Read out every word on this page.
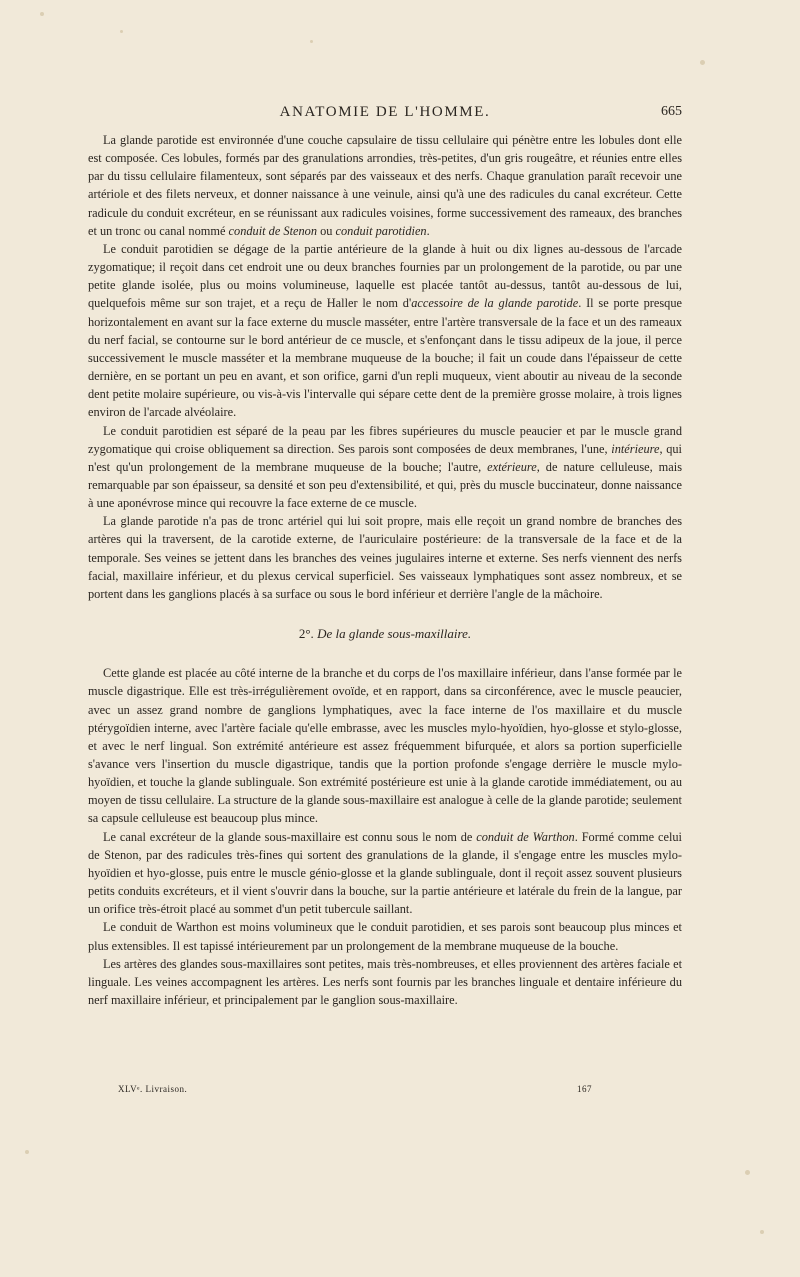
ANATOMIE DE L'HOMME.	665

La glande parotide est environnée d'une couche capsulaire de tissu cellulaire qui pénètre entre les lobules dont elle est composée. Ces lobules, formés par des granulations arrondies, très-petites, d'un gris rougeâtre, et réunies entre elles par du tissu cellulaire filamenteux, sont séparés par des vaisseaux et des nerfs. Chaque granulation paraît recevoir une artériole et des filets nerveux, et donner naissance à une veinule, ainsi qu'à une des radicules du canal excréteur. Cette radicule du conduit excréteur, en se réunissant aux radicules voisines, forme successivement des rameaux, des branches et un tronc ou canal nommé conduit de Stenon ou conduit parotidien.

Le conduit parotidien se dégage de la partie antérieure de la glande à huit ou dix lignes au-dessous de l'arcade zygomatique; il reçoit dans cet endroit une ou deux branches fournies par un prolongement de la parotide, ou par une petite glande isolée, plus ou moins volumineuse, laquelle est placée tantôt au-dessus, tantôt au-dessous de lui, quelquefois même sur son trajet, et a reçu de Haller le nom d'accessoire de la glande parotide. Il se porte presque horizontalement en avant sur la face externe du muscle masséter, entre l'artère transversale de la face et un des rameaux du nerf facial, se contourne sur le bord antérieur de ce muscle, et s'enfonçant dans le tissu adipeux de la joue, il perce successivement le muscle masséter et la membrane muqueuse de la bouche; il fait un coude dans l'épaisseur de cette dernière, en se portant un peu en avant, et son orifice, garni d'un repli muqueux, vient aboutir au niveau de la seconde dent petite molaire supérieure, ou vis-à-vis l'intervalle qui sépare cette dent de la première grosse molaire, à trois lignes environ de l'arcade alvéolaire.

Le conduit parotidien est séparé de la peau par les fibres supérieures du muscle peaucier et par le muscle grand zygomatique qui croise obliquement sa direction. Ses parois sont composées de deux membranes, l'une, intérieure, qui n'est qu'un prolongement de la membrane muqueuse de la bouche; l'autre, extérieure, de nature celluleuse, mais remarquable par son épaisseur, sa densité et son peu d'extensibilité, et qui, près du muscle buccinateur, donne naissance à une aponévrose mince qui recouvre la face externe de ce muscle.

La glande parotide n'a pas de tronc artériel qui lui soit propre, mais elle reçoit un grand nombre de branches des artères qui la traversent, de la carotide externe, de l'auriculaire postérieure: de la transversale de la face et de la temporale. Ses veines se jettent dans les branches des veines jugulaires interne et externe. Ses nerfs viennent des nerfs facial, maxillaire inférieur, et du plexus cervical superficiel. Ses vaisseaux lymphatiques sont assez nombreux, et se portent dans les ganglions placés à sa surface ou sous le bord inférieur et derrière l'angle de la mâchoire.

2°. De la glande sous-maxillaire.

Cette glande est placée au côté interne de la branche et du corps de l'os maxillaire inférieur, dans l'anse formée par le muscle digastrique. Elle est très-irrégulièrement ovoïde, et en rapport, dans sa circonférence, avec le muscle peaucier, avec un assez grand nombre de ganglions lymphatiques, avec la face interne de l'os maxillaire et du muscle ptérygoïdien interne, avec l'artère faciale qu'elle embrasse, avec les muscles mylo-hyoïdien, hyo-glosse et stylo-glosse, et avec le nerf lingual. Son extrémité antérieure est assez fréquemment bifurquée, et alors sa portion superficielle s'avance vers l'insertion du muscle digastrique, tandis que la portion profonde s'engage derrière le muscle mylo-hyoïdien, et touche la glande sublinguale. Son extrémité postérieure est unie à la glande carotide immédiatement, ou au moyen de tissu cellulaire. La structure de la glande sous-maxillaire est analogue à celle de la glande parotide; seulement sa capsule celluleuse est beaucoup plus mince.

Le canal excréteur de la glande sous-maxillaire est connu sous le nom de conduit de Warthon. Formé comme celui de Stenon, par des radicules très-fines qui sortent des granulations de la glande, il s'engage entre les muscles mylo-hyoïdien et hyo-glosse, puis entre le muscle génio-glosse et la glande sublinguale, dont il reçoit assez souvent plusieurs petits conduits excréteurs, et il vient s'ouvrir dans la bouche, sur la partie antérieure et latérale du frein de la langue, par un orifice très-étroit placé au sommet d'un petit tubercule saillant.

Le conduit de Warthon est moins volumineux que le conduit parotidien, et ses parois sont beaucoup plus minces et plus extensibles. Il est tapissé intérieurement par un prolongement de la membrane muqueuse de la bouche.

Les artères des glandes sous-maxillaires sont petites, mais très-nombreuses, et elles proviennent des artères faciale et linguale. Les veines accompagnent les artères. Les nerfs sont fournis par les branches linguale et dentaire inférieure du nerf maxillaire inférieur, et principalement par le ganglion sous-maxillaire.

XLVᵉ. Livraison.	167
